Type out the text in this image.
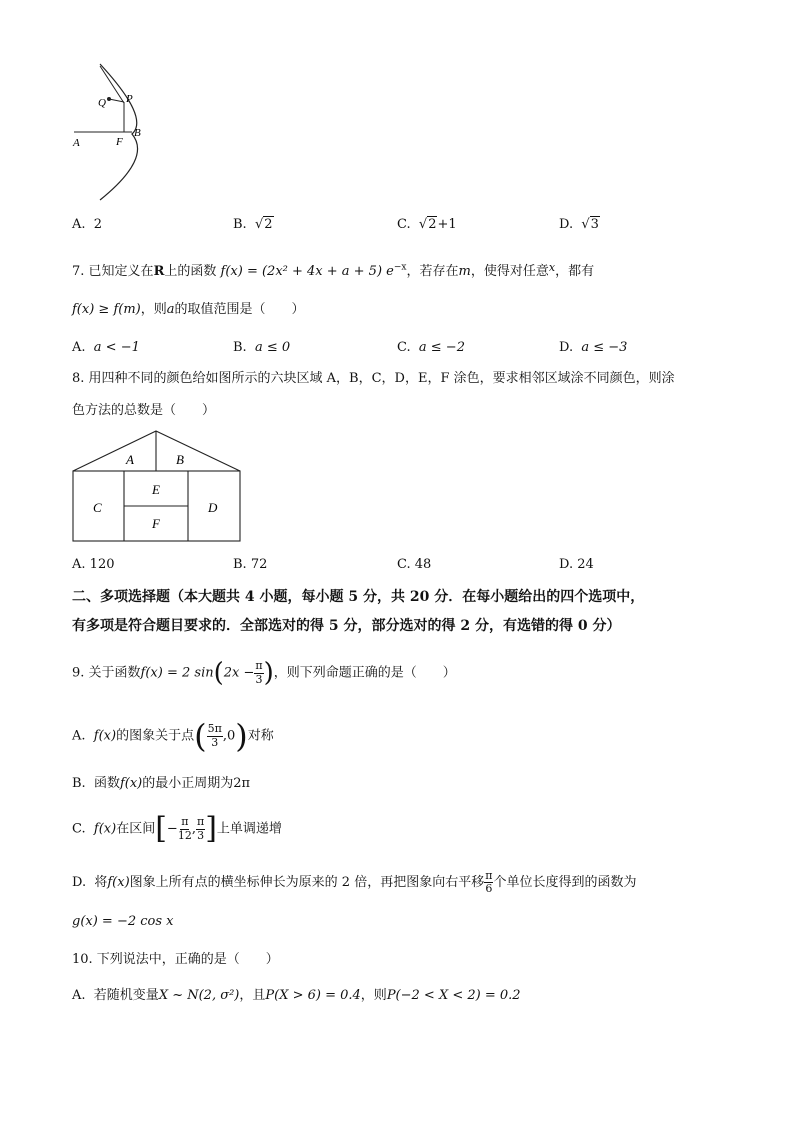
Q P
A	F
B
A. 2	B.  √2	C.  √2+1	D.  √3
7. 已知定义在R上的函数 f(x) = (2x² + 4x + a + 5) $e^{-x}$，若存在m，使得对任意$^x$，都有
f(x) ≥ f(m)，则a的取值范围是（　　）
A. a < −1	B. a ≤ 0	C. a ≤ −2	D. a ≤ −3
8. 用四种不同的颜色给如图所示的六块区域 A，B，C，D，E，F 涂色，要求相邻区域涂不同颜色，则涂
色方法的总数是（　　）
A	B
C	D
E
F
A. 120	B. 72	C. 48	D. 24
二、多项选择题（本大题共 4 小题，每小题 5 分，共 20 分．在每小题给出的四个选项中，
有多项是符合题目要求的．全部选对的得 5 分，部分选对的得 2 分，有选错的得 0 分）
9. 关于函数f(x) = 2 $\sin(2x - \frac{\pi}{3}$ )，则下列命题正确的是（　　）
A. f(x)的图象关于点( $\frac{5\pi}{3} ,0$)对称
B. 函数f(x)的最小正周期为2π
C. f(x)在区间[− $\frac{\pi}{12}$ , $\frac{\pi}{3}$ ]上单调递增
D. 将f(x)图象上所有点的横坐标伸长为原来的 2 倍，再把图象向右平移 $\frac{\pi}{6}$ 个单位长度得到的函数为
g(x) = −2 cos x
10. 下列说法中，正确的是（　　）
A. 若随机变量X ~ N(2, σ²)，且P(X > 6) = 0.4，则P(−2 < X < 2) = 0.2
